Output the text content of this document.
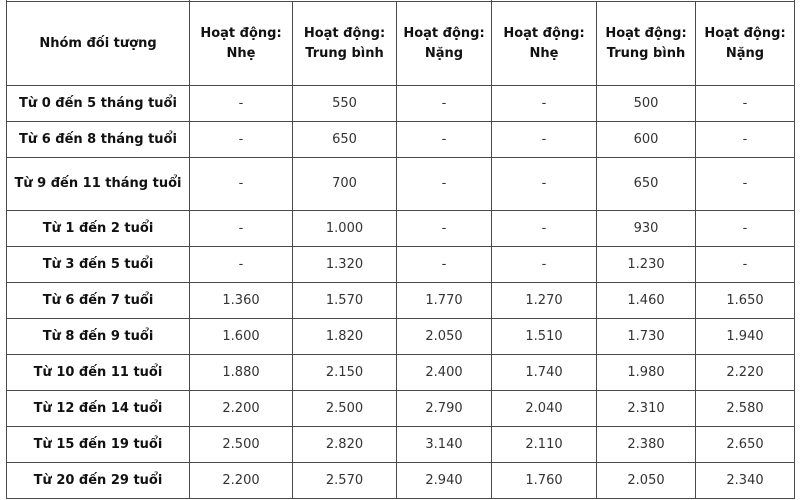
Nhóm đối tượng	Hoạt động: Nhẹ	Hoạt động: Trung bình	Hoạt động: Nặng	Hoạt động: Nhẹ	Hoạt động: Trung bình	Hoạt động: Nặng
Từ 0 đến 5 tháng tuổi	-	550	-	-	500	-
Từ 6 đến 8 tháng tuổi	-	650	-	-	600	-
Từ 9 đến 11 tháng tuổi	-	700	-	-	650	-
Từ 1 đến 2 tuổi	-	1.000	-	-	930	-
Từ 3 đến 5 tuổi	-	1.320	-	-	1.230	-
Từ 6 đến 7 tuổi	1.360	1.570	1.770	1.270	1.460	1.650
Từ 8 đến 9 tuổi	1.600	1.820	2.050	1.510	1.730	1.940
Từ 10 đến 11 tuổi	1.880	2.150	2.400	1.740	1.980	2.220
Từ 12 đến 14 tuổi	2.200	2.500	2.790	2.040	2.310	2.580
Từ 15 đến 19 tuổi	2.500	2.820	3.140	2.110	2.380	2.650
Từ 20 đến 29 tuổi	2.200	2.570	2.940	1.760	2.050	2.340
